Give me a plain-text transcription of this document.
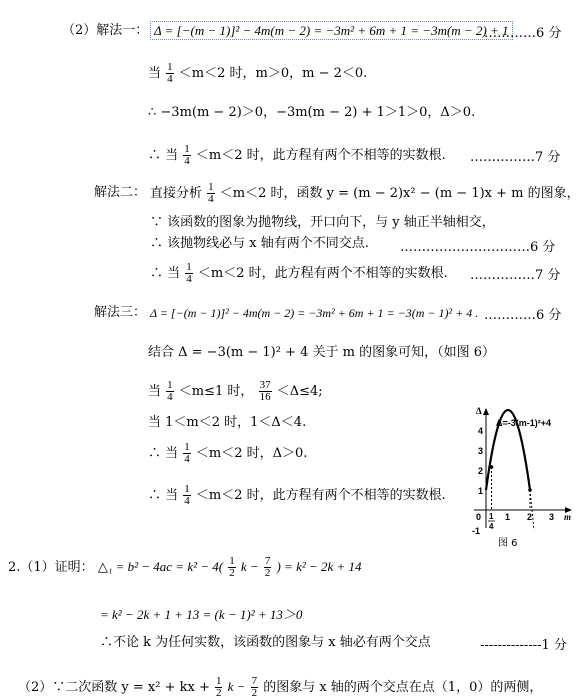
（2）解法一： Δ = [−(m − 1)]² − 4m(m − 2) = −3m² + 6m + 1 = −3m(m − 2) + 1
…………6 分
当 $\frac{1}{4} <m<2$ 时，m＞0，m − 2＜0.
∴ −3m(m − 2)＞0，−3m(m − 2) + 1＞1＞0，Δ＞0.
∴ 当 $\frac{1}{4} <m<2$ 时，此方程有两个不相等的实数根. ……………7 分
解法二： 直接分析 $\frac{1}{4} <m<2$ 时，函数 y = (m − 2)x² − (m − 1)x + m 的图象，
∵ 该函数的图象为抛物线，开口向下，与 y 轴正半轴相交，
∴ 该抛物线必与 x 轴有两个不同交点. …………………………6 分
∴ 当 $\frac{1}{4} <m<2$ 时，此方程有两个不相等的实数根. ……………7 分
解法三： Δ = [−(m − 1)]² − 4m(m − 2) = −3m² + 6m + 1 = −3(m − 1)² + 4 . …………6 分
结合 Δ = −3(m − 1)² + 4 关于 m 的图象可知，（如图 6）
当 $\frac{1}{4} <m\le 1$ 时， $\frac{37}{16} <\Delta\le 4$;
当 1＜m＜2 时，1＜Δ＜4.
∴ 当 $\frac{1}{4} <m<2$ 时，Δ＞0.
∴ 当 $\frac{1}{4} <m<2$ 时，此方程有两个不相等的实数根.
4
3
2
1
-1
0 1
4
1 2 3
Δ
m
Δ=-3(m-1)²+4
图 6
2.（1）证明： △₁ = $b^2 - 4ac = k^2 - 4( \frac{1}{2}$ $k - \frac{7}{2}$ ) = k² − 2k + 14
= k² − 2k + 1 + 13 = (k − 1)² + 13＞0
∴不论 k 为任何实数，该函数的图象与 x 轴必有两个交点	--------------1 分
（2）∵二次函数 y = x² + kx + $\frac{1}{2}$ $k - \frac{7}{2}$ 的图象与 x 轴的两个交点在点（1，0）的两侧，
